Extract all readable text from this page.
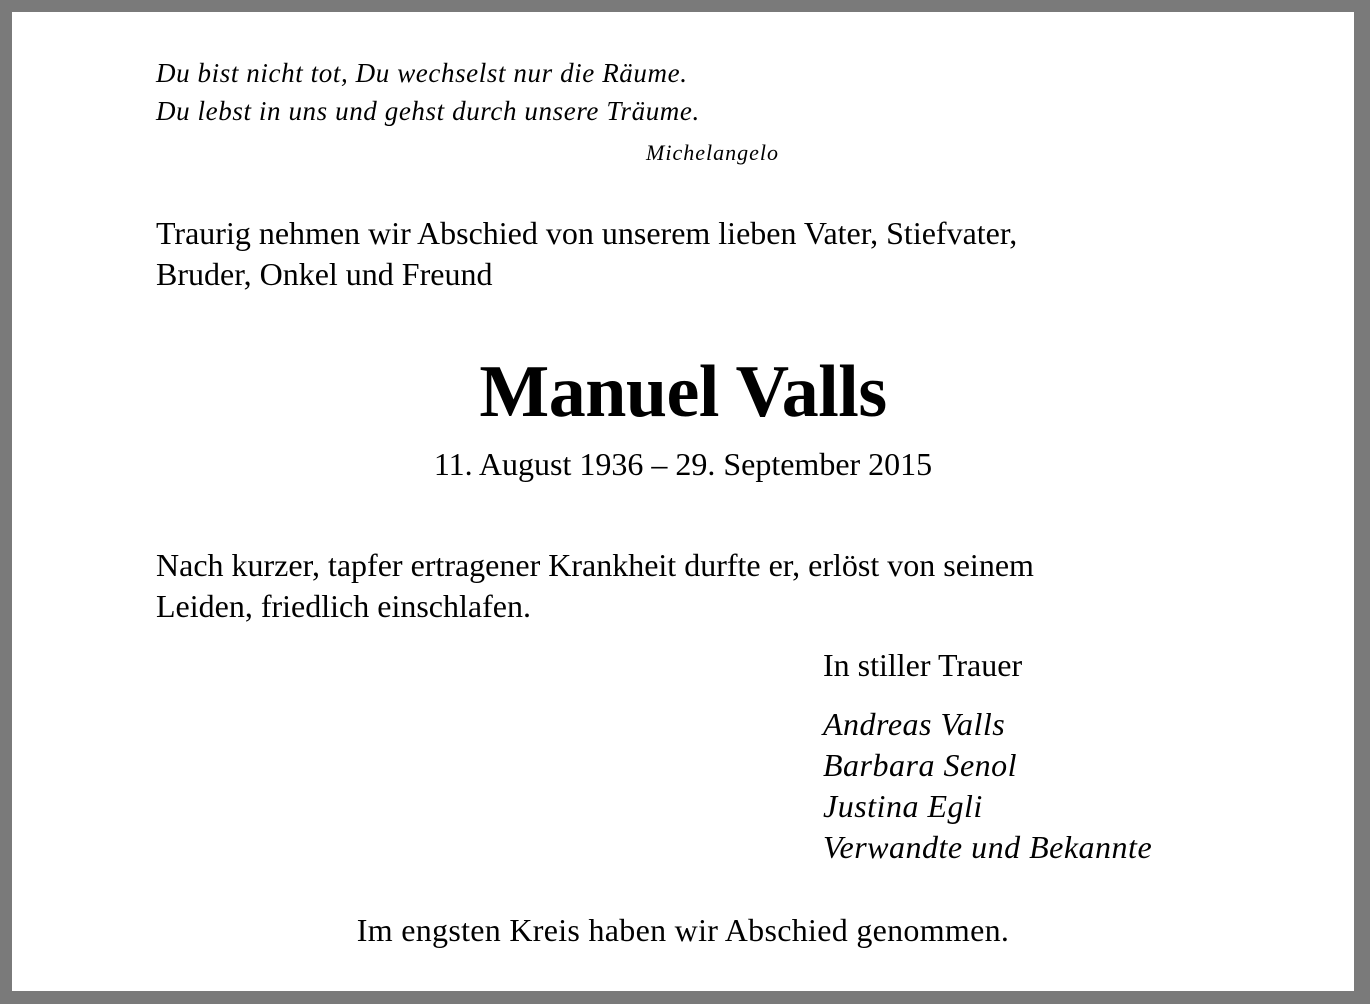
Du bist nicht tot, Du wechselst nur die Räume.
Du lebst in uns und gehst durch unsere Träume.
Michelangelo
Traurig nehmen wir Abschied von unserem lieben Vater, Stiefvater,
Bruder, Onkel und Freund
Manuel Valls
11. August 1936 – 29. September 2015
Nach kurzer, tapfer ertragener Krankheit durfte er, erlöst von seinem
Leiden, friedlich einschlafen.
In stiller Trauer
Andreas Valls
Barbara Senol
Justina Egli
Verwandte und Bekannte
Im engsten Kreis haben wir Abschied genommen.
